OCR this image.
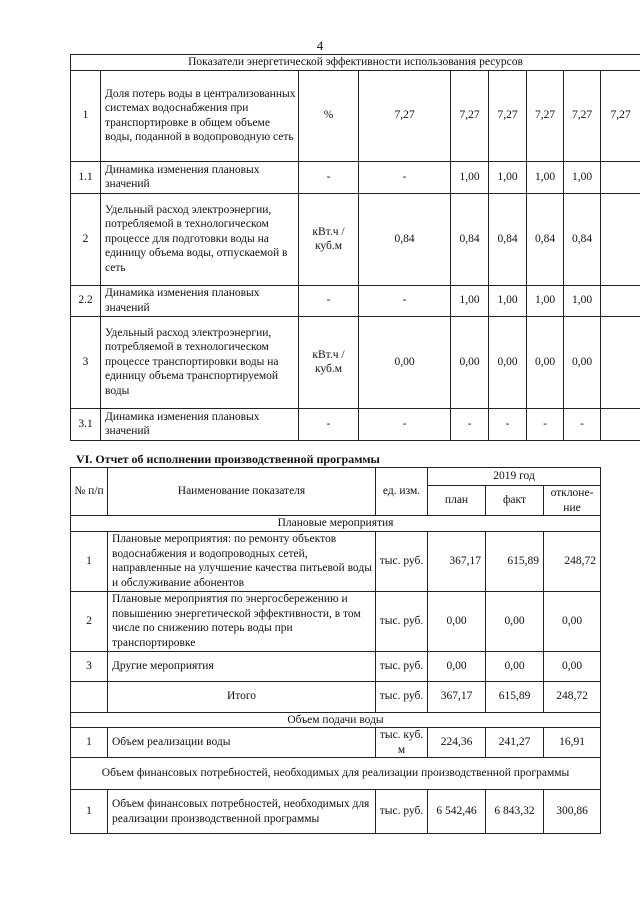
4
Показатели энергетической эффективности использования ресурсов								
1	Доля потерь воды в централизованных системах водоснабжения при транспортировке в общем объеме воды, поданной в водопроводную сеть	%	7,27	7,27	7,27	7,27	7,27	7,27
1.1	Динамика изменения плановых значений	-	-	1,00	1,00	1,00	1,00	
2	Удельный расход электроэнергии, потребляемой в технологическом процессе для подготовки воды на единицу объема воды, отпускаемой в сеть	кВт.ч / куб.м	0,84	0,84	0,84	0,84	0,84	
2.2	Динамика изменения плановых значений	-	-	1,00	1,00	1,00	1,00	
3	Удельный расход электроэнергии, потребляемой в технологическом процессе транспортировки воды на единицу объема транспортируемой воды	кВт.ч / куб.м	0,00	0,00	0,00	0,00	0,00	
3.1	Динамика изменения плановых значений	-	-	-	-	-	-	
VI. Отчет об исполнении производственной программы
№ п/п	Наименование показателя	ед. изм.	2019 год		
			план	факт	отклоне-ние
Плановые мероприятия					
1	Плановые мероприятия: по ремонту объектов водоснабжения и водопроводных сетей, направленные на улучшение качества питьевой воды и обслуживание абонентов	тыс. руб.	367,17	615,89	248,72
2	Плановые мероприятия по энергосбережению и повышению энергетической эффективности, в том числе по снижению потерь воды при транспортировке	тыс. руб.	0,00	0,00	0,00
3	Другие мероприятия	тыс. руб.	0,00	0,00	0,00
	Итого	тыс. руб.	367,17	615,89	248,72
Объем подачи воды					
1	Объем реализации воды	тыс. куб. м	224,36	241,27	16,91
Объем финансовых потребностей, необходимых для реализации производственной программы					
1	Объем финансовых потребностей, необходимых для реализации производственной программы	тыс. руб.	6 542,46	6 843,32	300,86
